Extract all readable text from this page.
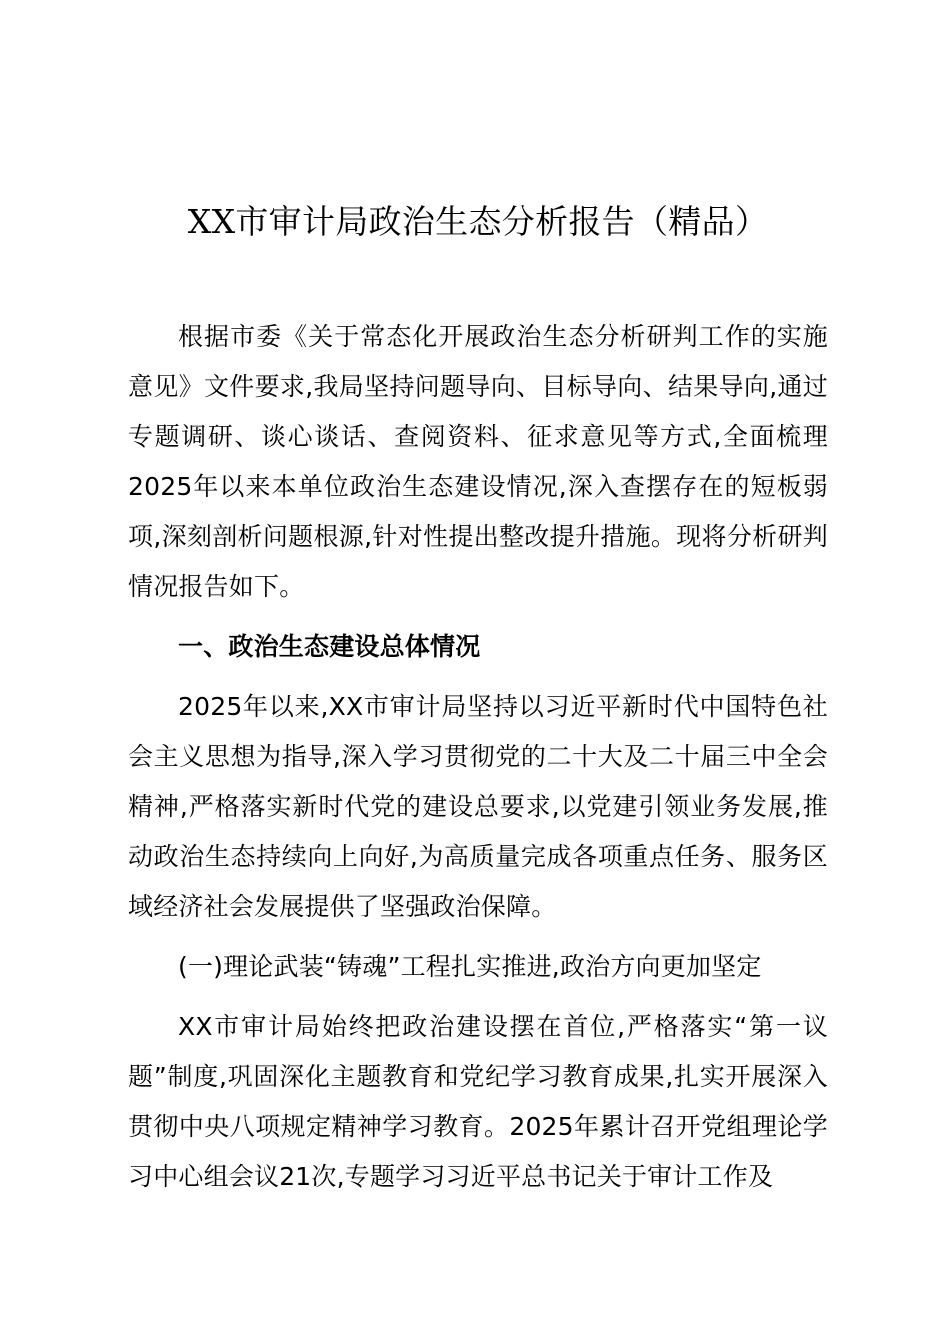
XX市审计局政治生态分析报告（精品）

根据市委《关于常态化开展政治生态分析研判工作的实施意见》文件要求,我局坚持问题导向、目标导向、结果导向,通过专题调研、谈心谈话、查阅资料、征求意见等方式,全面梳理2025年以来本单位政治生态建设情况,深入查摆存在的短板弱项,深刻剖析问题根源,针对性提出整改提升措施。现将分析研判情况报告如下。

一、政治生态建设总体情况

2025年以来,XX市审计局坚持以习近平新时代中国特色社会主义思想为指导,深入学习贯彻党的二十大及二十届三中全会精神,严格落实新时代党的建设总要求,以党建引领业务发展,推动政治生态持续向上向好,为高质量完成各项重点任务、服务区域经济社会发展提供了坚强政治保障。

(一)理论武装“铸魂”工程扎实推进,政治方向更加坚定

XX市审计局始终把政治建设摆在首位,严格落实“第一议题”制度,巩固深化主题教育和党纪学习教育成果,扎实开展深入贯彻中央八项规定精神学习教育。2025年累计召开党组理论学习中心组会议21次,专题学习习近平总书记关于审计工作及
